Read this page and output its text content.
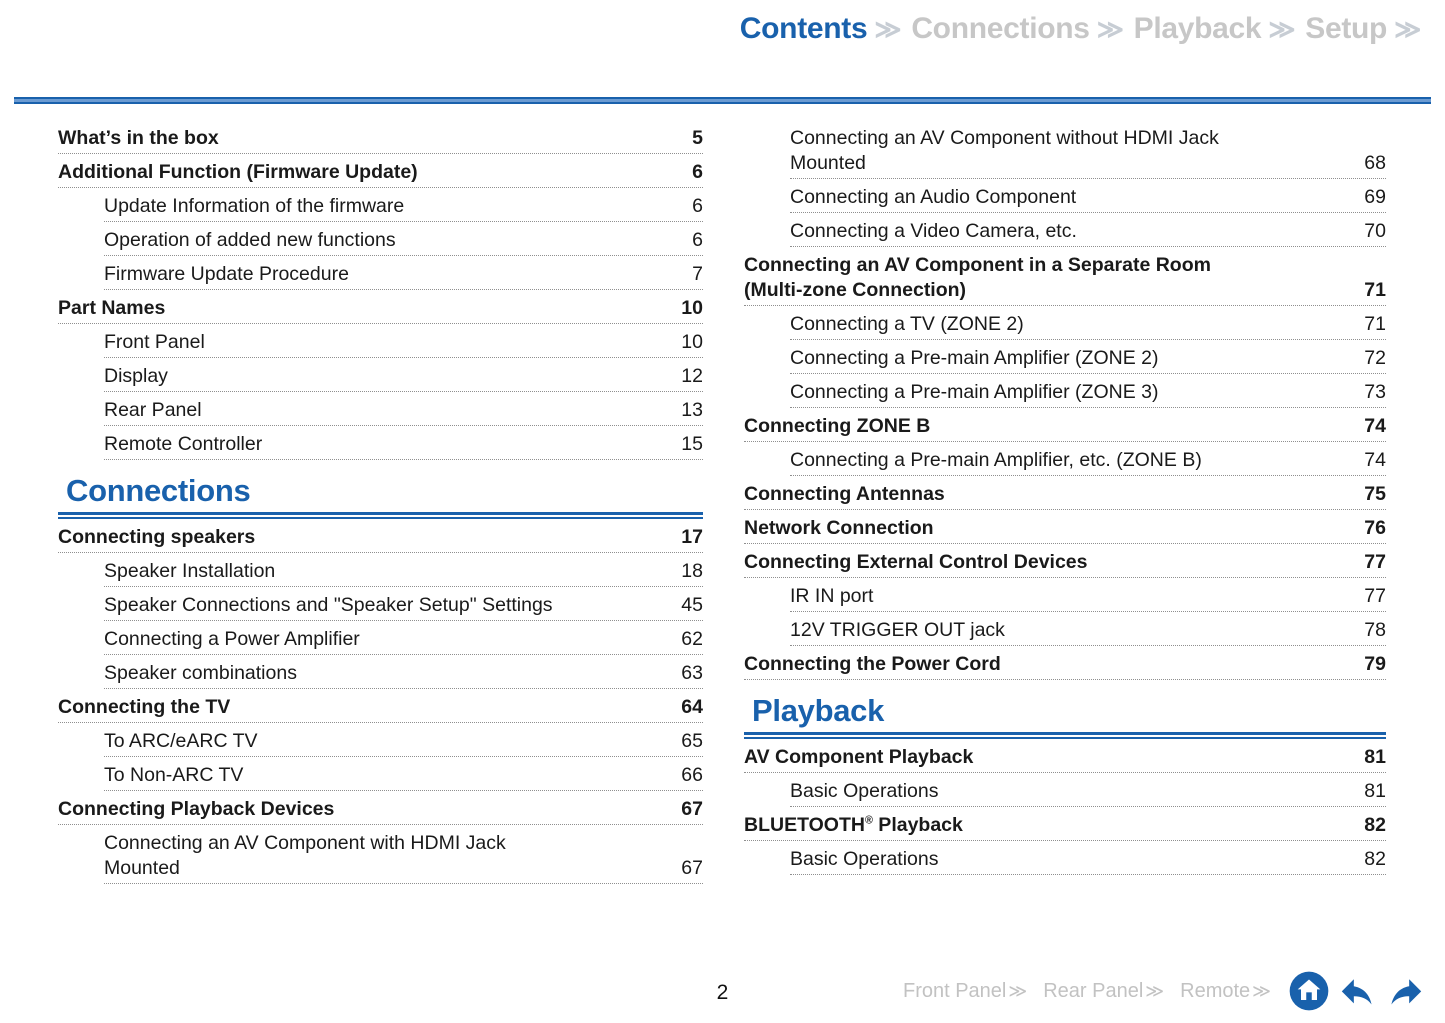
Contents ≫ Connections ≫ Playback ≫ Setup ≫
What’s in the box	5
Additional Function (Firmware Update)	6
Update Information of the firmware	6
Operation of added new functions	6
Firmware Update Procedure	7
Part Names	10
Front Panel	10
Display	12
Rear Panel	13
Remote Controller	15
Connections
Connecting speakers	17
Speaker Installation	18
Speaker Connections and "Speaker Setup" Settings	45
Connecting a Power Amplifier	62
Speaker combinations	63
Connecting the TV	64
To ARC/eARC TV	65
To Non-ARC TV	66
Connecting Playback Devices	67
Connecting an AV Component with HDMI Jack
Mounted	67
Connecting an AV Component without HDMI Jack
Mounted	68
Connecting an Audio Component	69
Connecting a Video Camera, etc.	70
Connecting an AV Component in a Separate Room
(Multi-zone Connection)	71
Connecting a TV (ZONE 2)	71
Connecting a Pre-main Amplifier (ZONE 2)	72
Connecting a Pre-main Amplifier (ZONE 3)	73
Connecting ZONE B	74
Connecting a Pre-main Amplifier, etc. (ZONE B)	74
Connecting Antennas	75
Network Connection	76
Connecting External Control Devices	77
IR IN port	77
12V TRIGGER OUT jack	78
Connecting the Power Cord	79
Playback
AV Component Playback	81
Basic Operations	81
BLUETOOTH® Playback	82
Basic Operations	82
2	Front Panel ≫ Rear Panel ≫ Remote ≫
